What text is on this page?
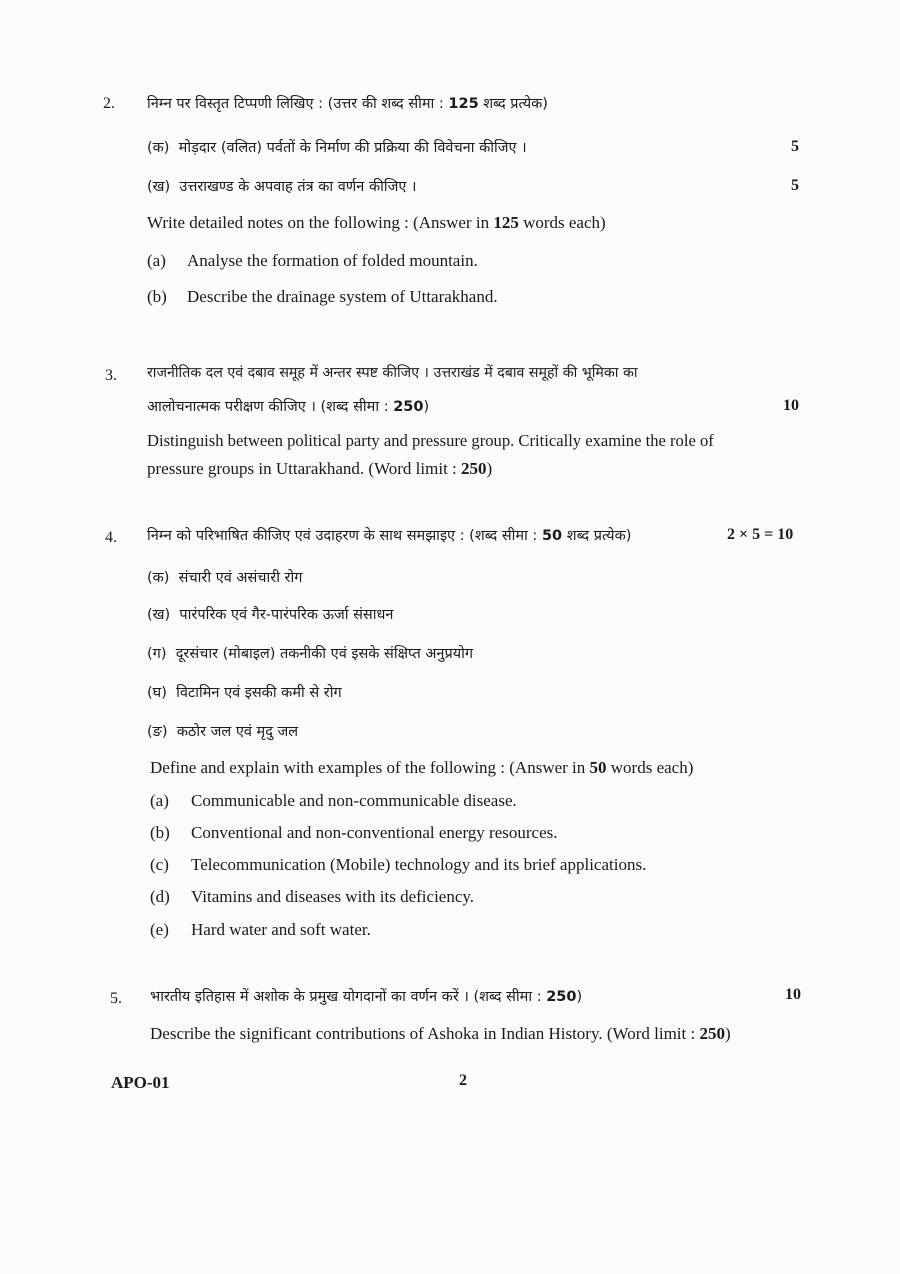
2. निम्न पर विस्तृत टिप्पणी लिखिए : (उत्तर की शब्द सीमा : 125 शब्द प्रत्येक)
(क) मोड़दार (वलित) पर्वतों के निर्माण की प्रक्रिया की विवेचना कीजिए ।	5
(ख) उत्तराखण्ड के अपवाह तंत्र का वर्णन कीजिए ।	5
Write detailed notes on the following : (Answer in 125 words each)
(a) Analyse the formation of folded mountain.
(b) Describe the drainage system of Uttarakhand.
3. राजनीतिक दल एवं दबाव समूह में अन्तर स्पष्ट कीजिए । उत्तराखंड में दबाव समूहों की भूमिका का
आलोचनात्मक परीक्षण कीजिए । (शब्द सीमा : 250)	10
Distinguish between political party and pressure group. Critically examine the role of
pressure groups in Uttarakhand. (Word limit : 250)
4. निम्न को परिभाषित कीजिए एवं उदाहरण के साथ समझाइए : (शब्द सीमा : 50 शब्द प्रत्येक)	2 × 5 = 10
(क) संचारी एवं असंचारी रोग
(ख) पारंपरिक एवं गैर-पारंपरिक ऊर्जा संसाधन
(ग) दूरसंचार (मोबाइल) तकनीकी एवं इसके संक्षिप्त अनुप्रयोग
(घ) विटामिन एवं इसकी कमी से रोग
(ङ) कठोर जल एवं मृदु जल
Define and explain with examples of the following : (Answer in 50 words each)
(a) Communicable and non-communicable disease.
(b) Conventional and non-conventional energy resources.
(c) Telecommunication (Mobile) technology and its brief applications.
(d) Vitamins and diseases with its deficiency.
(e) Hard water and soft water.
5. भारतीय इतिहास में अशोक के प्रमुख योगदानों का वर्णन करें । (शब्द सीमा : 250)	10
Describe the significant contributions of Ashoka in Indian History. (Word limit : 250)
APO-01	2
